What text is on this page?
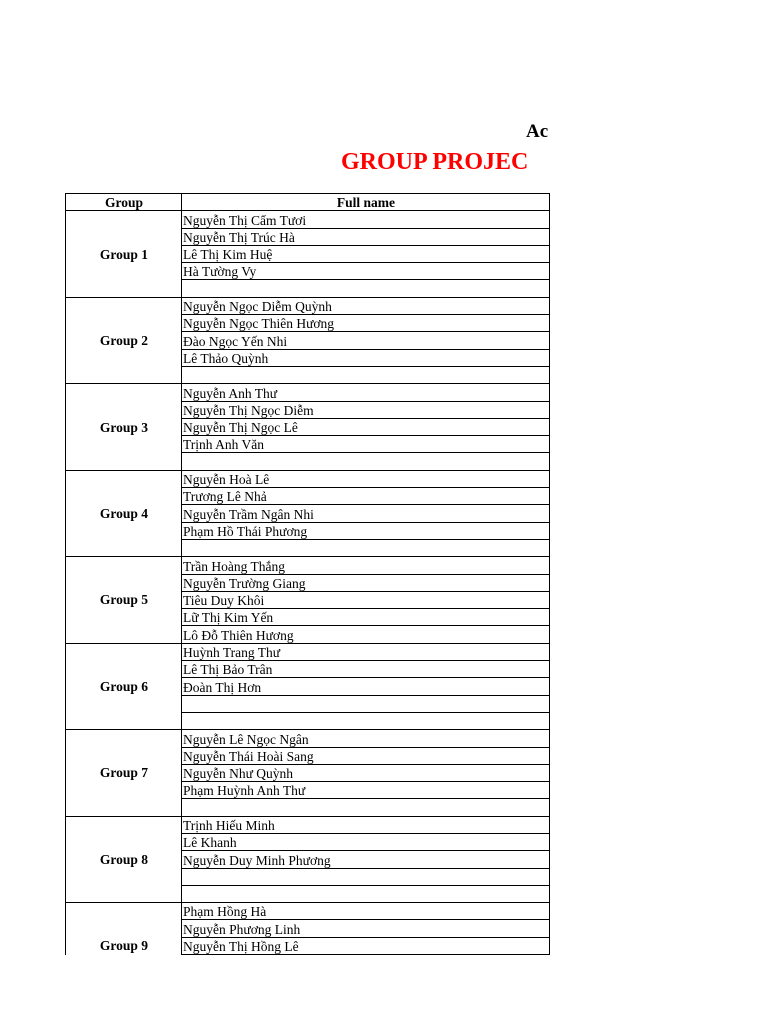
Ac
GROUP PROJEC
Group	Full name
Group 1	Nguyễn Thị Cẩm Tươi
	Nguyễn Thị Trúc Hà
	Lê Thị Kim Huệ
	Hà Tường Vy

Group 2	Nguyễn Ngọc Diễm Quỳnh
	Nguyễn Ngọc Thiên Hương
	Đào Ngọc Yến Nhi
	Lê Thảo Quỳnh

Group 3	Nguyễn Anh Thư
	Nguyễn Thị Ngọc Diễm
	Nguyễn Thị Ngọc Lê
	Trịnh Anh Văn

Group 4	Nguyễn Hoà Lê
	Trương Lê Nhả
	Nguyễn Trầm Ngân Nhi
	Phạm Hồ Thái Phương

Group 5	Trần Hoàng Thắng
	Nguyễn Trường Giang
	Tiêu Duy Khôi
	Lữ Thị Kim Yến
	Lô Đỗ Thiên Hương
Group 6	Huỳnh Trang Thư
	Lê Thị Bảo Trân
	Đoàn Thị Hơn

Group 7	Nguyễn Lê Ngọc Ngân
	Nguyễn Thái Hoài Sang
	Nguyễn Như Quỳnh
	Phạm Huỳnh Anh Thư

Group 8	Trịnh Hiếu Minh
	Lê Khanh
	Nguyễn Duy Minh Phương

Group 9	Phạm Hồng Hà
	Nguyễn Phương Linh
	Nguyễn Thị Hồng Lê
